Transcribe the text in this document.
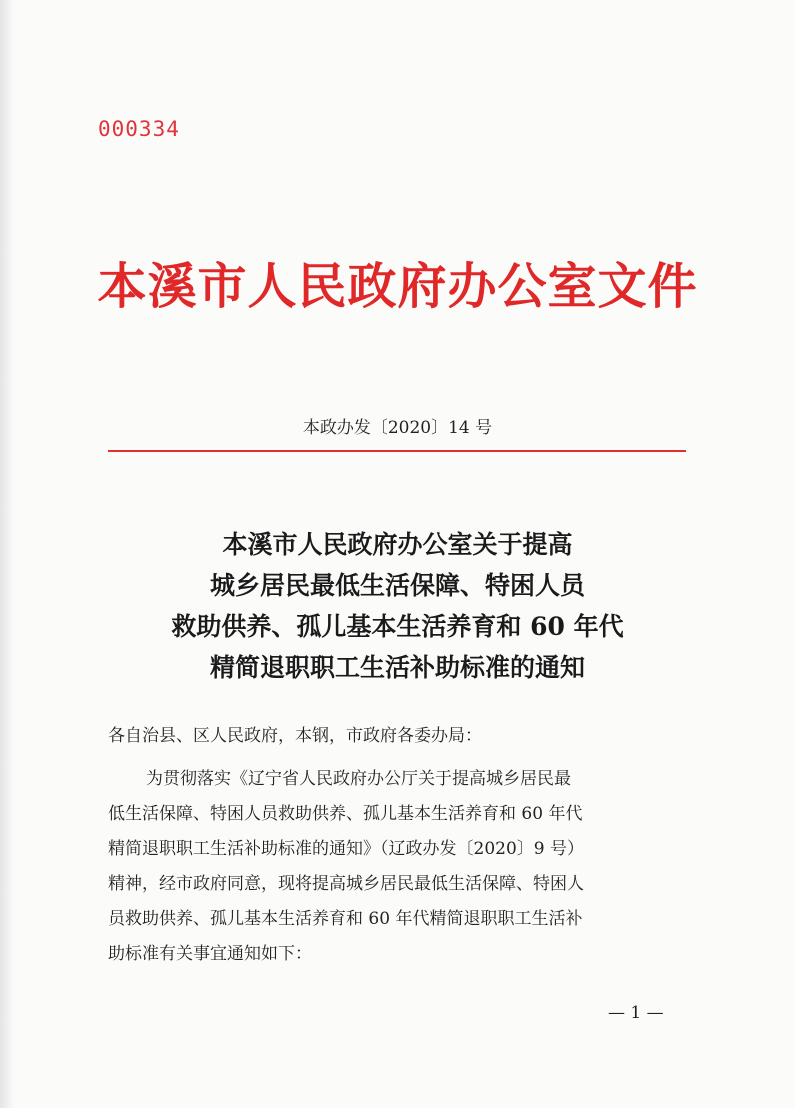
000334
本溪市人民政府办公室文件
本政办发〔2020〕14 号
本溪市人民政府办公室关于提高
城乡居民最低生活保障、特困人员
救助供养、孤儿基本生活养育和 60 年代
精简退职职工生活补助标准的通知
各自治县、区人民政府，本钢，市政府各委办局：
为贯彻落实《辽宁省人民政府办公厅关于提高城乡居民最
低生活保障、特困人员救助供养、孤儿基本生活养育和 60 年代
精简退职职工生活补助标准的通知》（辽政办发〔2020〕9 号）
精神，经市政府同意，现将提高城乡居民最低生活保障、特困人
员救助供养、孤儿基本生活养育和 60 年代精简退职职工生活补
助标准有关事宜通知如下：
— 1 —
